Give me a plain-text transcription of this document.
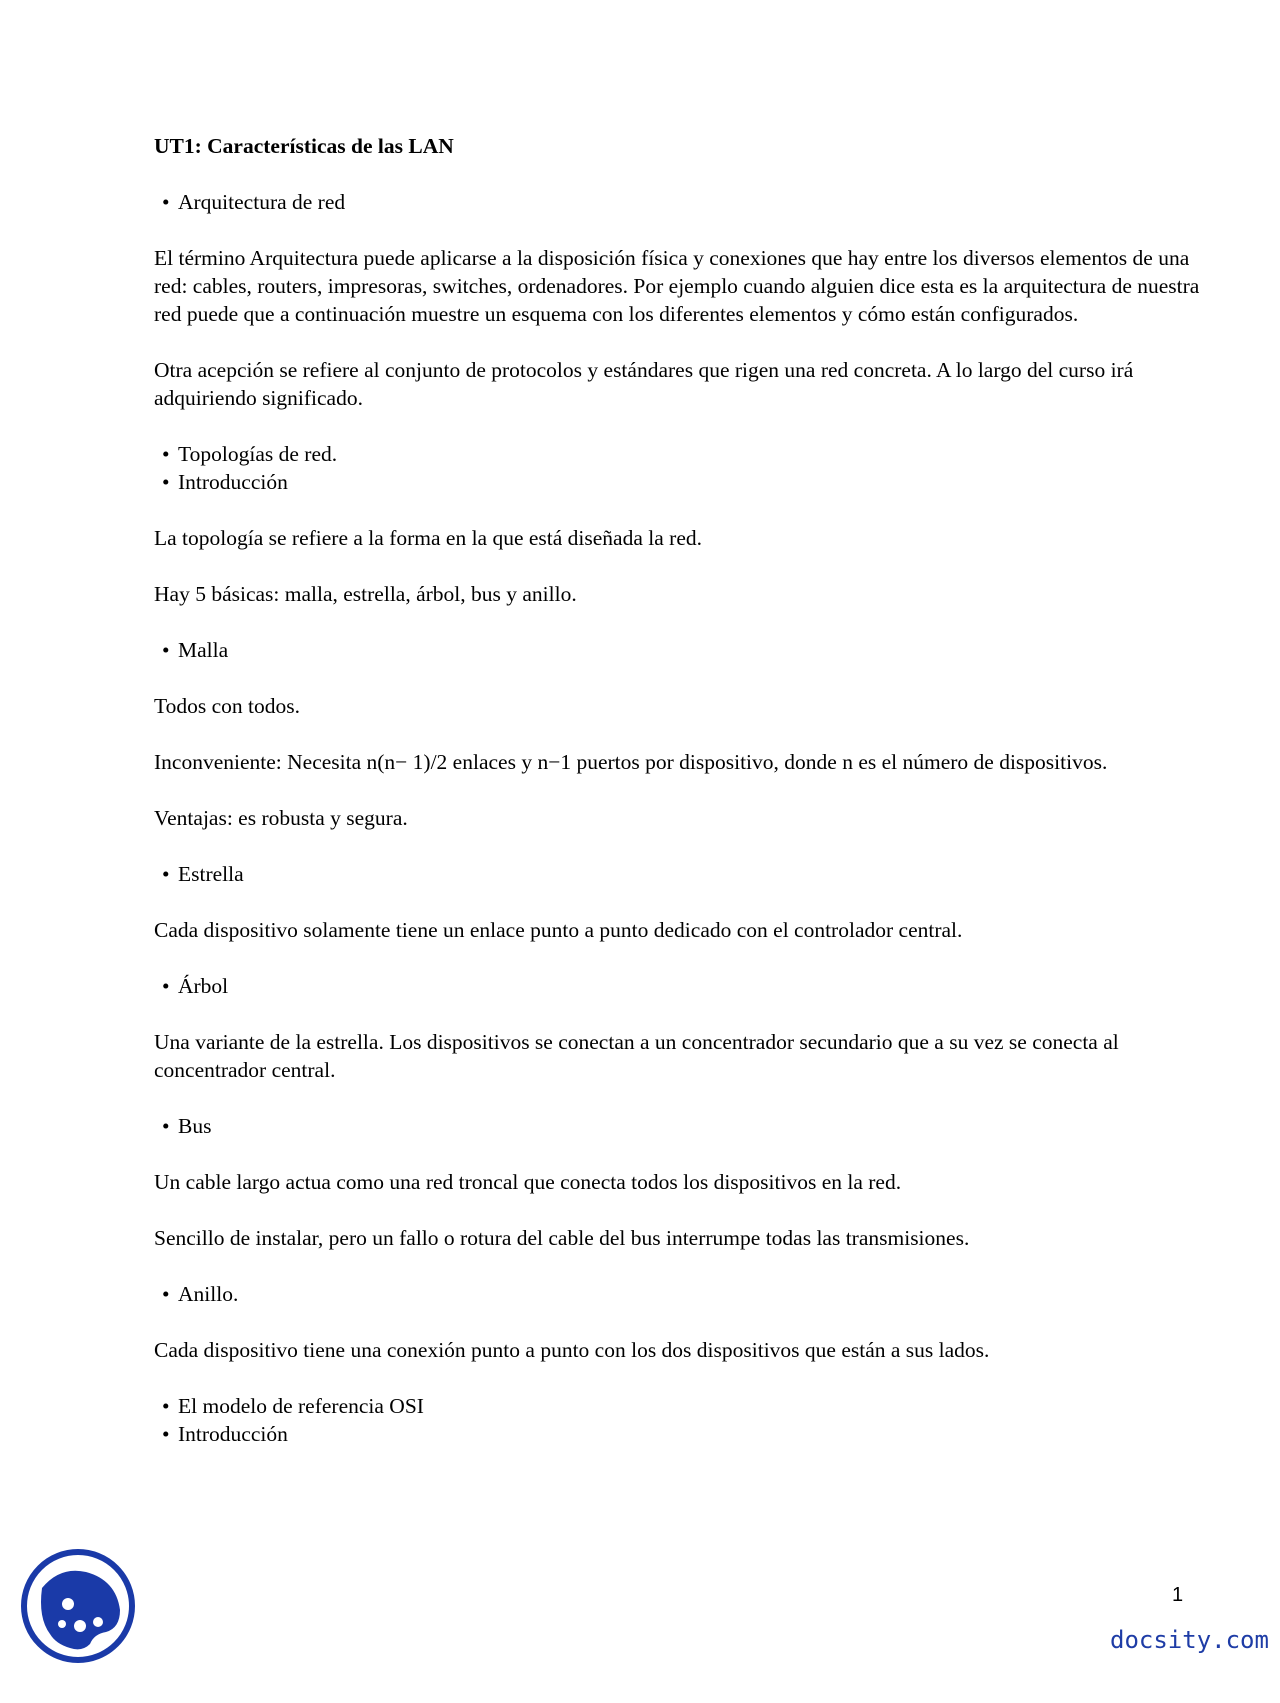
UT1: Características de las LAN
• Arquitectura de red

El término Arquitectura puede aplicarse a la disposición física y conexiones que hay entre los diversos elementos de una red: cables, routers, impresoras, switches, ordenadores. Por ejemplo cuando alguien dice esta es la arquitectura de nuestra red puede que a continuación muestre un esquema con los diferentes elementos y cómo están configurados.

Otra acepción se refiere al conjunto de protocolos y estándares que rigen una red concreta. A lo largo del curso irá adquiriendo significado.

• Topologías de red.
• Introducción

La topología se refiere a la forma en la que está diseñada la red.

Hay 5 básicas: malla, estrella, árbol, bus y anillo.

• Malla

Todos con todos.

Inconveniente: Necesita n(n− 1)/2 enlaces y n−1 puertos por dispositivo, donde n es el número de dispositivos.

Ventajas: es robusta y segura.

• Estrella

Cada dispositivo solamente tiene un enlace punto a punto dedicado con el controlador central.

• Árbol

Una variante de la estrella. Los dispositivos se conectan a un concentrador secundario que a su vez se conecta al concentrador central.

• Bus

Un cable largo actua como una red troncal que conecta todos los dispositivos en la red.

Sencillo de instalar, pero un fallo o rotura del cable del bus interrumpe todas las transmisiones.

• Anillo.

Cada dispositivo tiene una conexión punto a punto con los dos dispositivos que están a sus lados.

• El modelo de referencia OSI
• Introducción
1
docsity.com
